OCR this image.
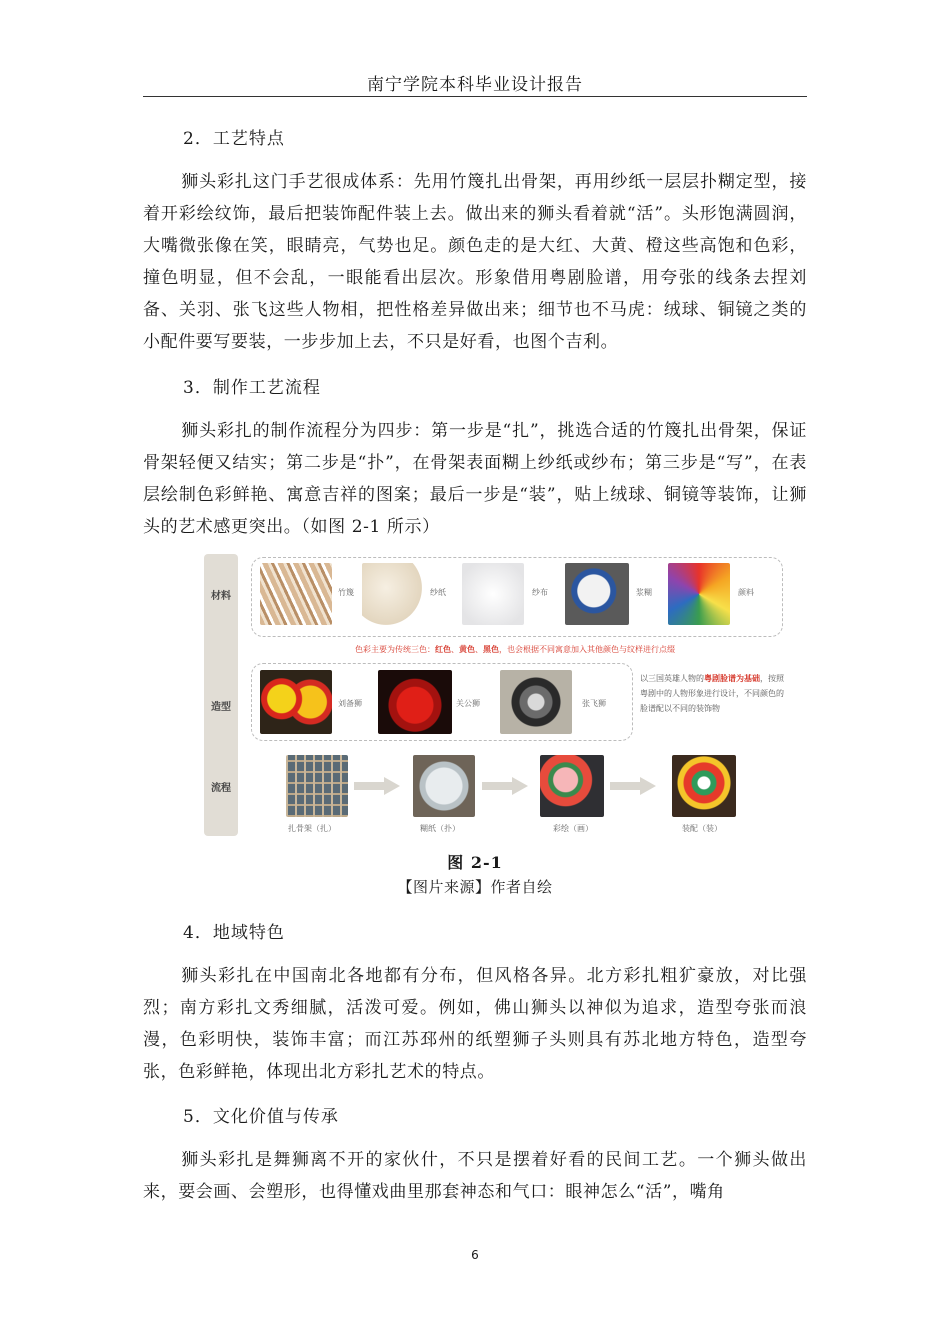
南宁学院本科毕业设计报告
2．工艺特点

狮头彩扎这门手艺很成体系：先用竹篾扎出骨架，再用纱纸一层层扑糊定型，接着开彩绘纹饰，最后把装饰配件装上去。做出来的狮头看着就“活”。头形饱满圆润，大嘴微张像在笑，眼睛亮，气势也足。颜色走的是大红、大黄、橙这些高饱和色彩，撞色明显，但不会乱，一眼能看出层次。形象借用粤剧脸谱，用夸张的线条去捏刘备、关羽、张飞这些人物相，把性格差异做出来；细节也不马虎：绒球、铜镜之类的小配件要写要装，一步步加上去，不只是好看，也图个吉利。

3．制作工艺流程

狮头彩扎的制作流程分为四步：第一步是“扎”，挑选合适的竹篾扎出骨架，保证骨架轻便又结实；第二步是“扑”，在骨架表面糊上纱纸或纱布；第三步是“写”，在表层绘制色彩鲜艳、寓意吉祥的图案；最后一步是“装”，贴上绒球、铜镜等装饰，让狮头的艺术感更突出。（如图 2-1 所示）

材料
造型
流程
竹篾	纱纸	纱布	浆糊	颜料
色彩主要为传统三色：红色、黄色、黑色，也会根据不同寓意加入其他颜色与纹样进行点缀
刘备狮	关公狮	张飞狮
以三国英雄人物的粤剧脸谱为基础，按照粤剧中的人物形象进行设计，不同颜色的脸谱配以不同的装饰物
扎骨架（扎）	糊纸（扑）	彩绘（画）	装配（装）
图 2-1
【图片来源】作者自绘
4．地域特色

狮头彩扎在中国南北各地都有分布，但风格各异。北方彩扎粗犷豪放，对比强烈；南方彩扎文秀细腻，活泼可爱。例如，佛山狮头以神似为追求，造型夸张而浪漫，色彩明快，装饰丰富；而江苏邳州的纸塑狮子头则具有苏北地方特色，造型夸张，色彩鲜艳，体现出北方彩扎艺术的特点。

5．文化价值与传承

狮头彩扎是舞狮离不开的家伙什，不只是摆着好看的民间工艺。一个狮头做出来，要会画、会塑形，也得懂戏曲里那套神态和气口：眼神怎么“活”，嘴角

6
